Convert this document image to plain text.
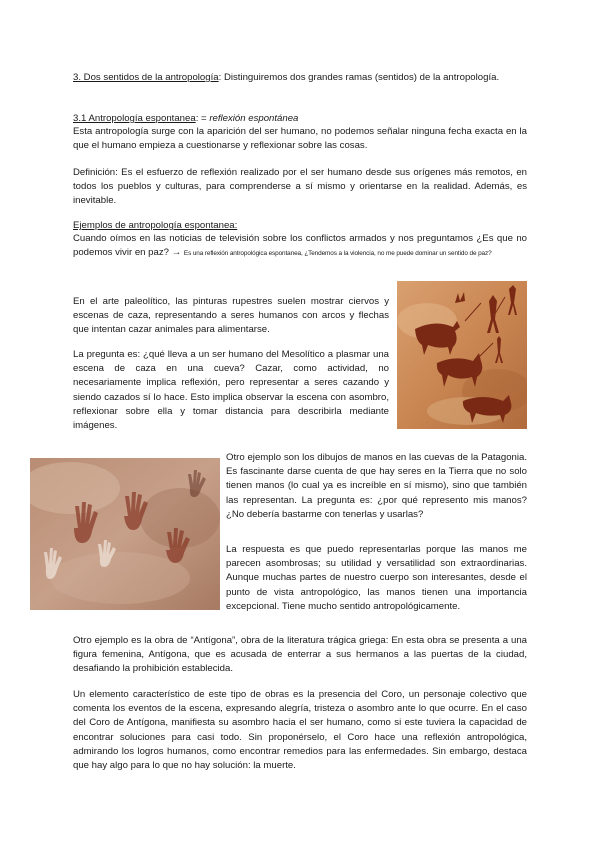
3. Dos sentidos de la antropología: Distinguiremos dos grandes ramas (sentidos) de la antropología.

3.1 Antropología espontanea: = reflexión espontánea

Esta antropología surge con la aparición del ser humano, no podemos señalar ninguna fecha exacta en la que el humano empieza a cuestionarse y reflexionar sobre las cosas.

Definición: Es el esfuerzo de reflexión realizado por el ser humano desde sus orígenes más remotos, en todos los pueblos y culturas, para comprenderse a sí mismo y orientarse en la realidad. Además, es inevitable.

Ejemplos de antropología espontanea:

Cuando oímos en las noticias de televisión sobre los conflictos armados y nos preguntamos ¿Es que no podemos vivir en paz? → Es una reflexión antropológica espontanea, ¿Tendemos a la violencia, no me puede dominar un sentido de paz?

En el arte paleolítico, las pinturas rupestres suelen mostrar ciervos y escenas de caza, representando a seres humanos con arcos y flechas que intentan cazar animales para alimentarse.

La pregunta es: ¿qué lleva a un ser humano del Mesolítico a plasmar una escena de caza en una cueva? Cazar, como actividad, no necesariamente implica reflexión, pero representar a seres cazando y siendo cazados sí lo hace. Esto implica observar la escena con asombro, reflexionar sobre ella y tomar distancia para describirla mediante imágenes.

Otro ejemplo son los dibujos de manos en las cuevas de la Patagonia. Es fascinante darse cuenta de que hay seres en la Tierra que no solo tienen manos (lo cual ya es increíble en sí mismo), sino que también las representan. La pregunta es: ¿por qué represento mis manos? ¿No debería bastarme con tenerlas y usarlas?

La respuesta es que puedo representarlas porque las manos me parecen asombrosas; su utilidad y versatilidad son extraordinarias. Aunque muchas partes de nuestro cuerpo son interesantes, desde el punto de vista antropológico, las manos tienen una importancia excepcional. Tiene mucho sentido antropológicamente.

Otro ejemplo es la obra de “Antígona”, obra de la literatura trágica griega: En esta obra se presenta a una figura femenina, Antígona, que es acusada de enterrar a sus hermanos a las puertas de la ciudad, desafiando la prohibición establecida.

Un elemento característico de este tipo de obras es la presencia del Coro, un personaje colectivo que comenta los eventos de la escena, expresando alegría, tristeza o asombro ante lo que ocurre. En el caso del Coro de Antígona, manifiesta su asombro hacia el ser humano, como si este tuviera la capacidad de encontrar soluciones para casi todo. Sin proponérselo, el Coro hace una reflexión antropológica, admirando los logros humanos, como encontrar remedios para las enfermedades. Sin embargo, destaca que hay algo para lo que no hay solución: la muerte.
